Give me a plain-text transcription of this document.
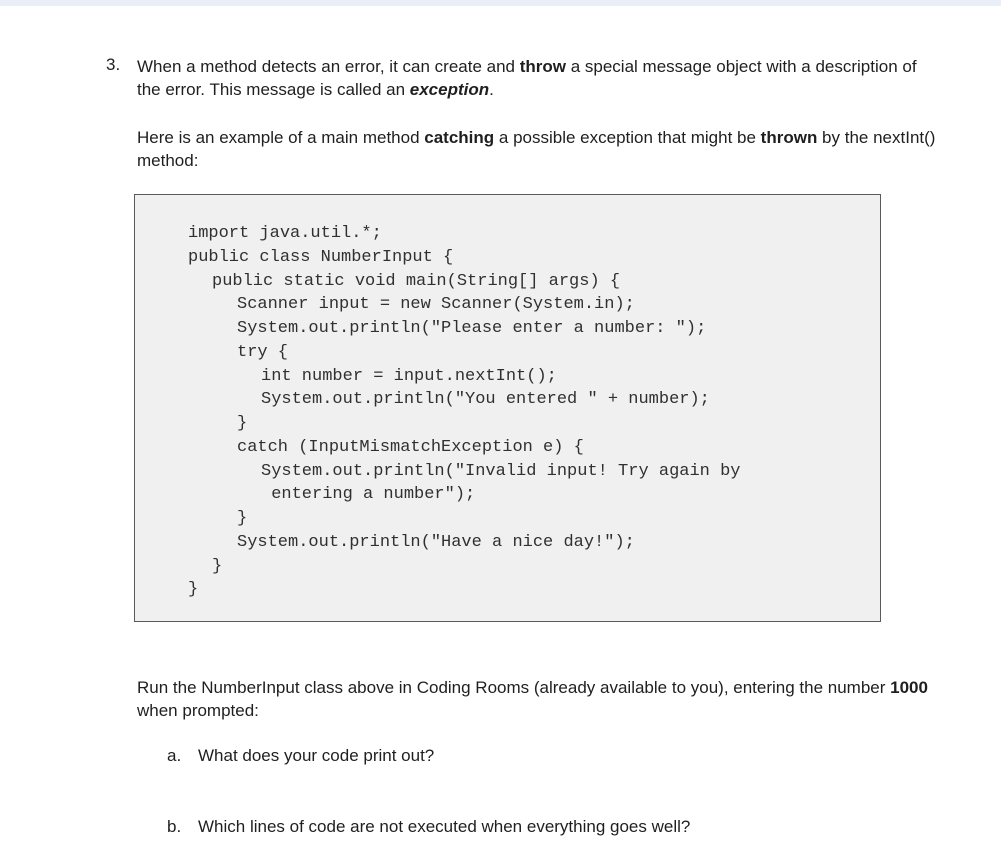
3. When a method detects an error, it can create and throw a special message object with a description of the error. This message is called an exception.
Here is an example of a main method catching a possible exception that might be thrown by the nextInt() method:
import java.util.*;
public class NumberInput {
public static void main(String[] args) {
Scanner input = new Scanner(System.in);
System.out.println("Please enter a number: ");
try {
int number = input.nextInt();
System.out.println("You entered " + number);
}
catch (InputMismatchException e) {
System.out.println("Invalid input! Try again by
entering a number");
}
System.out.println("Have a nice day!");
}
}
Run the NumberInput class above in Coding Rooms (already available to you), entering the number 1000 when prompted:
a. What does your code print out?
b. Which lines of code are not executed when everything goes well?
